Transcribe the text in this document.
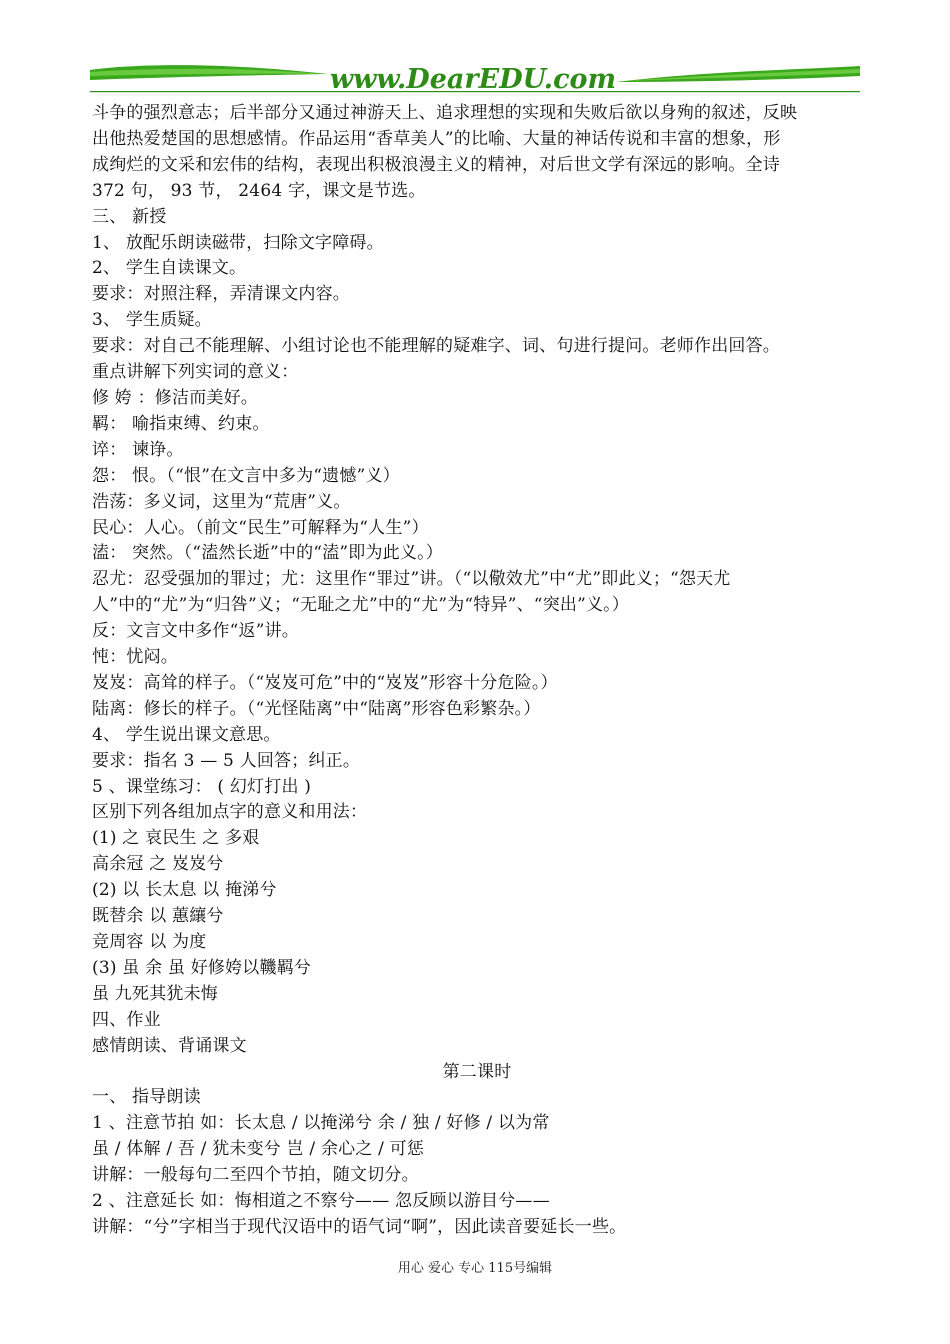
www.DearEDU.com
斗争的强烈意志；后半部分又通过神游天上、追求理想的实现和失败后欲以身殉的叙述，反映
出他热爱楚国的思想感情。作品运用“香草美人”的比喻、大量的神话传说和丰富的想象，形
成绚烂的文采和宏伟的结构，表现出积极浪漫主义的精神，对后世文学有深远的影响。全诗
372 句， 93 节， 2464 字，课文是节选。
三、 新授
1、 放配乐朗读磁带，扫除文字障碍。
2、 学生自读课文。
要求：对照注释，弄清课文内容。
3、 学生质疑。
要求：对自己不能理解、小组讨论也不能理解的疑难字、词、句进行提问。老师作出回答。
重点讲解下列实词的意义：
修 姱 ：修洁而美好。
羁： 喻指束缚、约束。
谇： 谏诤。
怨： 恨。（“恨”在文言中多为“遗憾”义）
浩荡：多义词，这里为“荒唐”义。
民心：人心。（前文“民生”可解释为“人生”）
溘： 突然。（“溘然长逝”中的“溘”即为此义。）
忍尤：忍受强加的罪过；尤：这里作“罪过”讲。（“以儆效尤”中“尤”即此义；“怨天尤
人”中的“尤”为“归咎”义；“无耻之尤”中的“尤”为“特异”、“突出”义。）
反：文言文中多作“返”讲。
忳：忧闷。
岌岌：高耸的样子。（“岌岌可危”中的“岌岌”形容十分危险。）
陆离：修长的样子。（“光怪陆离”中“陆离”形容色彩繁杂。）
4、 学生说出课文意思。
要求：指名 3 — 5 人回答；纠正。
5 、课堂练习： ( 幻灯打出 )
区别下列各组加点字的意义和用法：
(1) 之 哀民生 之 多艰
高余冠 之 岌岌兮
(2) 以 长太息 以 掩涕兮
既替余 以 蕙纕兮
竞周容 以 为度
(3) 虽 余 虽 好修姱以鞿羁兮
虽 九死其犹未悔
四、作业
感情朗读、背诵课文
第二课时
一、 指导朗读
1 、注意节拍 如：长太息 / 以掩涕兮 余 / 独 / 好修 / 以为常
虽 / 体解 / 吾 / 犹未变兮 岂 / 余心之 / 可惩
讲解：一般每句二至四个节拍，随文切分。
2 、注意延长 如：悔相道之不察兮—— 忽反顾以游目兮——
讲解：“兮”字相当于现代汉语中的语气词“啊”，因此读音要延长一些。
用心 爱心 专心 115号编辑
